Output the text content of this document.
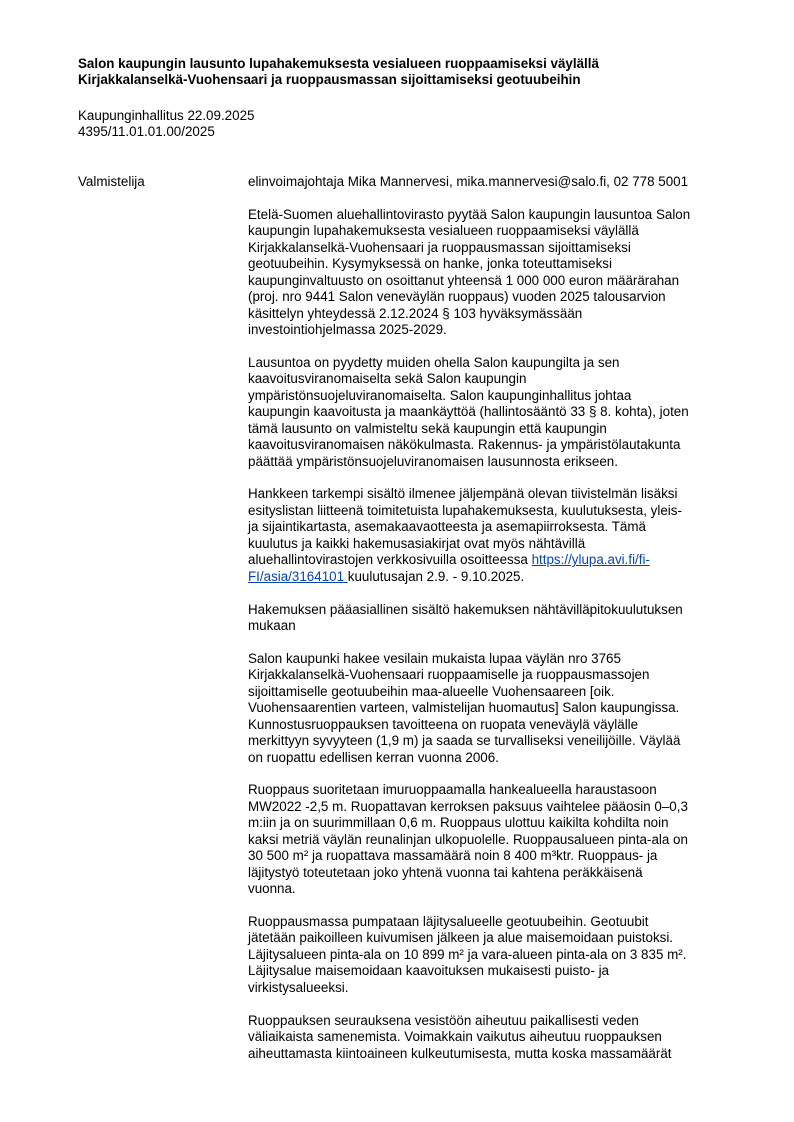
Salon kaupungin lausunto lupahakemuksesta vesialueen ruoppaamiseksi väylällä
Kirjakkalanselkä-Vuohensaari ja ruoppausmassan sijoittamiseksi geotuubeihin
Kaupunginhallitus 22.09.2025
4395/11.01.01.00/2025
Valmistelija	elinvoimajohtaja Mika Mannervesi, mika.mannervesi@salo.fi, 02 778 5001

Etelä-Suomen aluehallintovirasto pyytää Salon kaupungin lausuntoa Salon
kaupungin lupahakemuksesta vesialueen ruoppaamiseksi väylällä
Kirjakkalanselkä-Vuohensaari ja ruoppausmassan sijoittamiseksi
geotuubeihin. Kysymyksessä on hanke, jonka toteuttamiseksi
kaupunginvaltuusto on osoittanut yhteensä 1 000 000 euron määrärahan
(proj. nro 9441 Salon veneväylän ruoppaus) vuoden 2025 talousarvion
käsittelyn yhteydessä 2.12.2024 § 103 hyväksymässään
investointiohjelmassa 2025-2029.

Lausuntoa on pyydetty muiden ohella Salon kaupungilta ja sen
kaavoitusviranomaiselta sekä Salon kaupungin
ympäristönsuojeluviranomaiselta. Salon kaupunginhallitus johtaa
kaupungin kaavoitusta ja maankäyttöä (hallintosääntö 33 § 8. kohta), joten
tämä lausunto on valmisteltu sekä kaupungin että kaupungin
kaavoitusviranomaisen näkökulmasta. Rakennus- ja ympäristölautakunta
päättää ympäristönsuojeluviranomaisen lausunnosta erikseen.

Hankkeen tarkempi sisältö ilmenee jäljempänä olevan tiivistelmän lisäksi
esityslistan liitteenä toimitetuista lupahakemuksesta, kuulutuksesta, yleis-
ja sijaintikartasta, asemakaavaotteesta ja asemapiirroksesta. Tämä
kuulutus ja kaikki hakemusasiakirjat ovat myös nähtävillä
aluehallintovirastojen verkkosivuilla osoitteessa https://ylupa.avi.fi/fi-
FI/asia/3164101 kuulutusajan 2.9. - 9.10.2025.

Hakemuksen pääasiallinen sisältö hakemuksen nähtävilläpitokuulutuksen
mukaan

Salon kaupunki hakee vesilain mukaista lupaa väylän nro 3765
Kirjakkalanselkä-Vuohensaari ruoppaamiselle ja ruoppausmassojen
sijoittamiselle geotuubeihin maa-alueelle Vuohensaareen [oik.
Vuohensaarentien varteen, valmistelijan huomautus] Salon kaupungissa.
Kunnostusruoppauksen tavoitteena on ruopata veneväylä väylälle
merkittyyn syvyyteen (1,9 m) ja saada se turvalliseksi veneilijöille. Väylää
on ruopattu edellisen kerran vuonna 2006.

Ruoppaus suoritetaan imuruoppaamalla hankealueella haraustasoon
MW2022 -2,5 m. Ruopattavan kerroksen paksuus vaihtelee pääosin 0–0,3
m:iin ja on suurimmillaan 0,6 m. Ruoppaus ulottuu kaikilta kohdilta noin
kaksi metriä väylän reunalinjan ulkopuolelle. Ruoppausalueen pinta-ala on
30 500 m² ja ruopattava massamäärä noin 8 400 m³ktr. Ruoppaus- ja
läjitystyö toteutetaan joko yhtenä vuonna tai kahtena peräkkäisenä
vuonna.

Ruoppausmassa pumpataan läjitysalueelle geotuubeihin. Geotuubit
jätetään paikoilleen kuivumisen jälkeen ja alue maisemoidaan puistoksi.
Läjitysalueen pinta-ala on 10 899 m² ja vara-alueen pinta-ala on 3 835 m².
Läjitysalue maisemoidaan kaavoituksen mukaisesti puisto- ja
virkistysalueeksi.

Ruoppauksen seurauksena vesistöön aiheutuu paikallisesti veden
väliaikaista samenemista. Voimakkain vaikutus aiheutuu ruoppauksen
aiheuttamasta kiintoaineen kulkeutumisesta, mutta koska massamäärät
